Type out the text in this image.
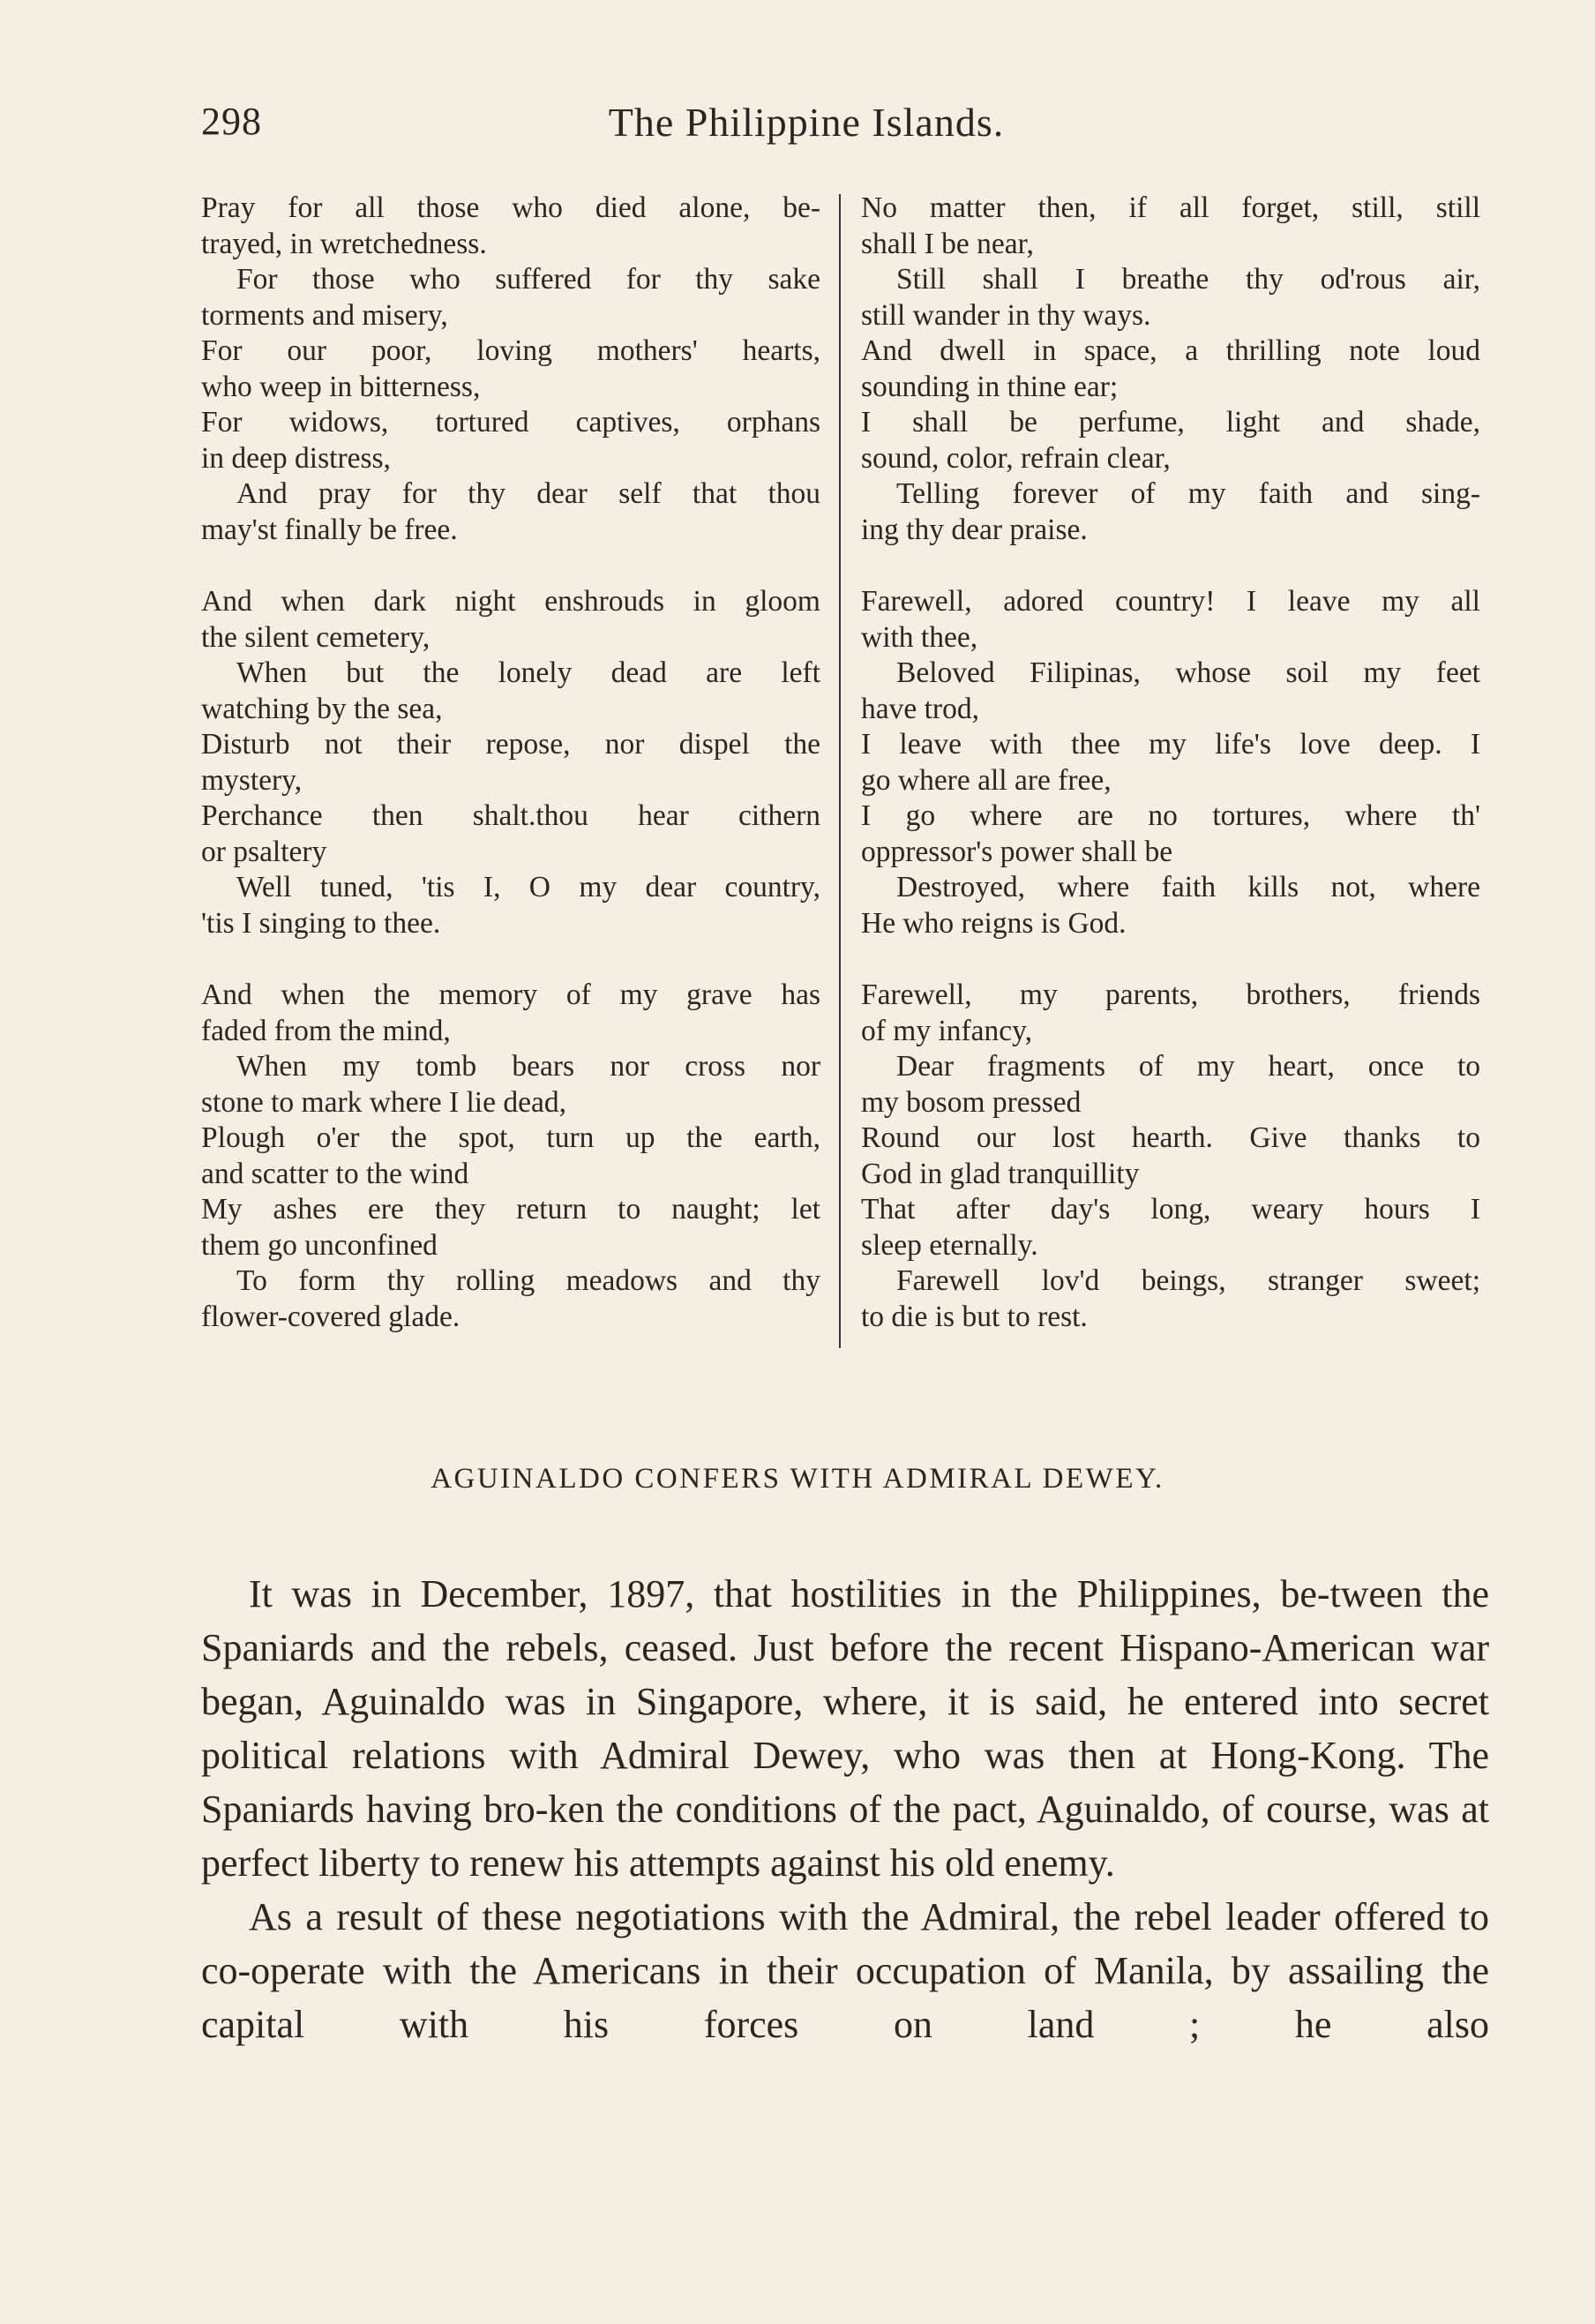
298	The Philippine Islands.
Pray for all those who died alone, be-
trayed, in wretchedness.
For those who suffered for thy sake
torments and misery,
For our poor, loving mothers' hearts,
who weep in bitterness,
For widows, tortured captives, orphans
in deep distress,
And pray for thy dear self that thou
may'st finally be free.
And when dark night enshrouds in gloom
the silent cemetery,
When but the lonely dead are left
watching by the sea,
Disturb not their repose, nor dispel the
mystery,
Perchance then shalt.thou hear cithern
or psaltery
Well tuned, 'tis I, O my dear country,
'tis I singing to thee.
And when the memory of my grave has
faded from the mind,
When my tomb bears nor cross nor
stone to mark where I lie dead,
Plough o'er the spot, turn up the earth,
and scatter to the wind
My ashes ere they return to naught; let
them go unconfined
To form thy rolling meadows and thy
flower-covered glade.
No matter then, if all forget, still, still
shall I be near,
Still shall I breathe thy od'rous air,
still wander in thy ways.
And dwell in space, a thrilling note loud
sounding in thine ear;
I shall be perfume, light and shade,
sound, color, refrain clear,
Telling forever of my faith and sing-
ing thy dear praise.
Farewell, adored country! I leave my all
with thee,
Beloved Filipinas, whose soil my feet
have trod,
I leave with thee my life's love deep. I
go where all are free,
I go where are no tortures, where th'
oppressor's power shall be
Destroyed, where faith kills not, where
He who reigns is God.
Farewell, my parents, brothers, friends
of my infancy,
Dear fragments of my heart, once to
my bosom pressed
Round our lost hearth. Give thanks to
God in glad tranquillity
That after day's long, weary hours I
sleep eternally.
Farewell lov'd beings, stranger sweet;
to die is but to rest.
AGUINALDO CONFERS WITH ADMIRAL DEWEY.

It was in December, 1897, that hostilities in the Philippines, be-tween the Spaniards and the rebels, ceased. Just before the recent Hispano-American war began, Aguinaldo was in Singapore, where, it is said, he entered into secret political relations with Admiral Dewey, who was then at Hong-Kong. The Spaniards having bro-ken the conditions of the pact, Aguinaldo, of course, was at perfect liberty to renew his attempts against his old enemy.

As a result of these negotiations with the Admiral, the rebel leader offered to co-operate with the Americans in their occupation of Manila, by assailing the capital with his forces on land ; he also
